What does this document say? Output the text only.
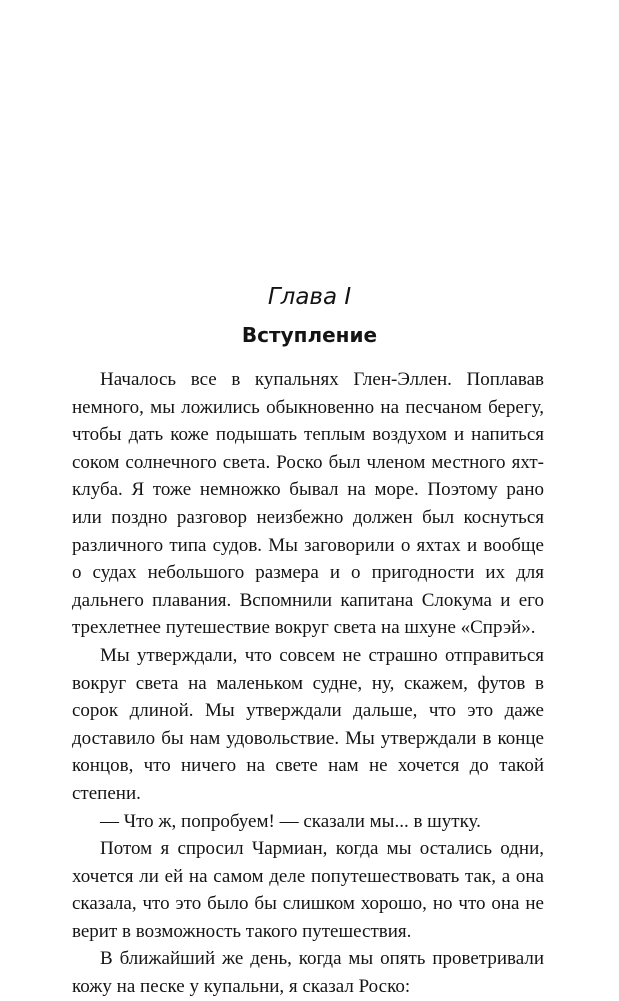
Глава I
Вступление

Началось все в купальнях Глен-Эллен. Поплавав немного, мы ложились обыкновенно на песчаном берегу, чтобы дать коже подышать теплым воздухом и напиться соком солнечного света. Роско был членом местного яхт-клуба. Я тоже немножко бывал на море. Поэтому рано или поздно разговор неизбежно должен был коснуться различного типа судов. Мы заговорили о яхтах и вообще о судах небольшого размера и о пригодности их для дальнего плавания. Вспомнили капитана Слокума и его трехлетнее путешествие вокруг света на шхуне «Спрэй».

Мы утверждали, что совсем не страшно отправиться вокруг света на маленьком судне, ну, скажем, футов в сорок длиной. Мы утверждали дальше, что это даже доставило бы нам удовольствие. Мы утверждали в конце концов, что ничего на свете нам не хочется до такой степени.

— Что ж, попробуем! — сказали мы... в шутку.

Потом я спросил Чармиан, когда мы остались одни, хочется ли ей на самом деле попутешествовать так, а она сказала, что это было бы слишком хорошо, но что она не верит в возможность такого путешествия.

В ближайший же день, когда мы опять проветривали кожу на песке у купальни, я сказал Роско:
